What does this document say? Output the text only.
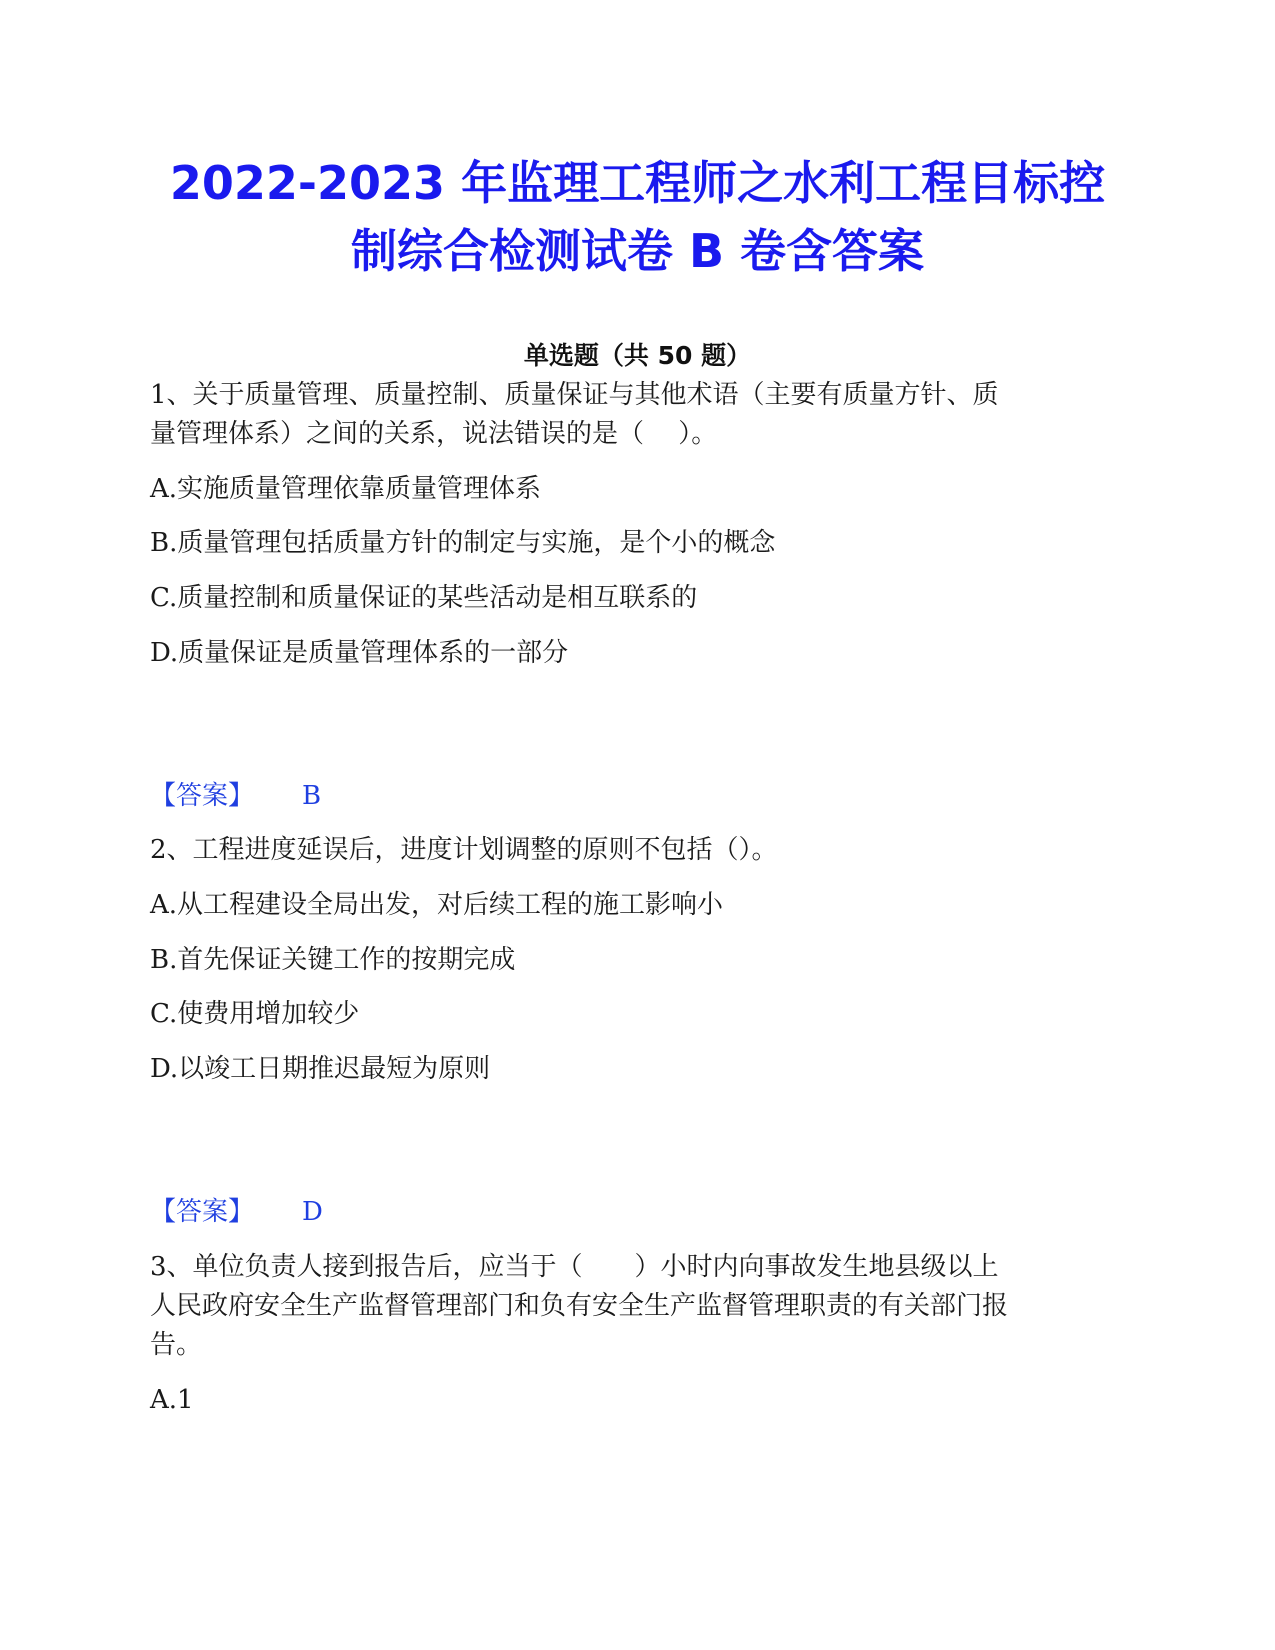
2022-2023 年监理工程师之水利工程目标控
制综合检测试卷 B 卷含答案
单选题（共 50 题）
1、关于质量管理、质量控制、质量保证与其他术语（主要有质量方针、质
量管理体系）之间的关系，说法错误的是（　 ）。
A.实施质量管理依靠质量管理体系
B.质量管理包括质量方针的制定与实施，是个小的概念
C.质量控制和质量保证的某些活动是相互联系的
D.质量保证是质量管理体系的一部分
【答案】 B
2、工程进度延误后，进度计划调整的原则不包括（）。
A.从工程建设全局出发，对后续工程的施工影响小
B.首先保证关键工作的按期完成
C.使费用增加较少
D.以竣工日期推迟最短为原则
【答案】 D
3、单位负责人接到报告后，应当于（　　）小时内向事故发生地县级以上
人民政府安全生产监督管理部门和负有安全生产监督管理职责的有关部门报
告。
A.1
